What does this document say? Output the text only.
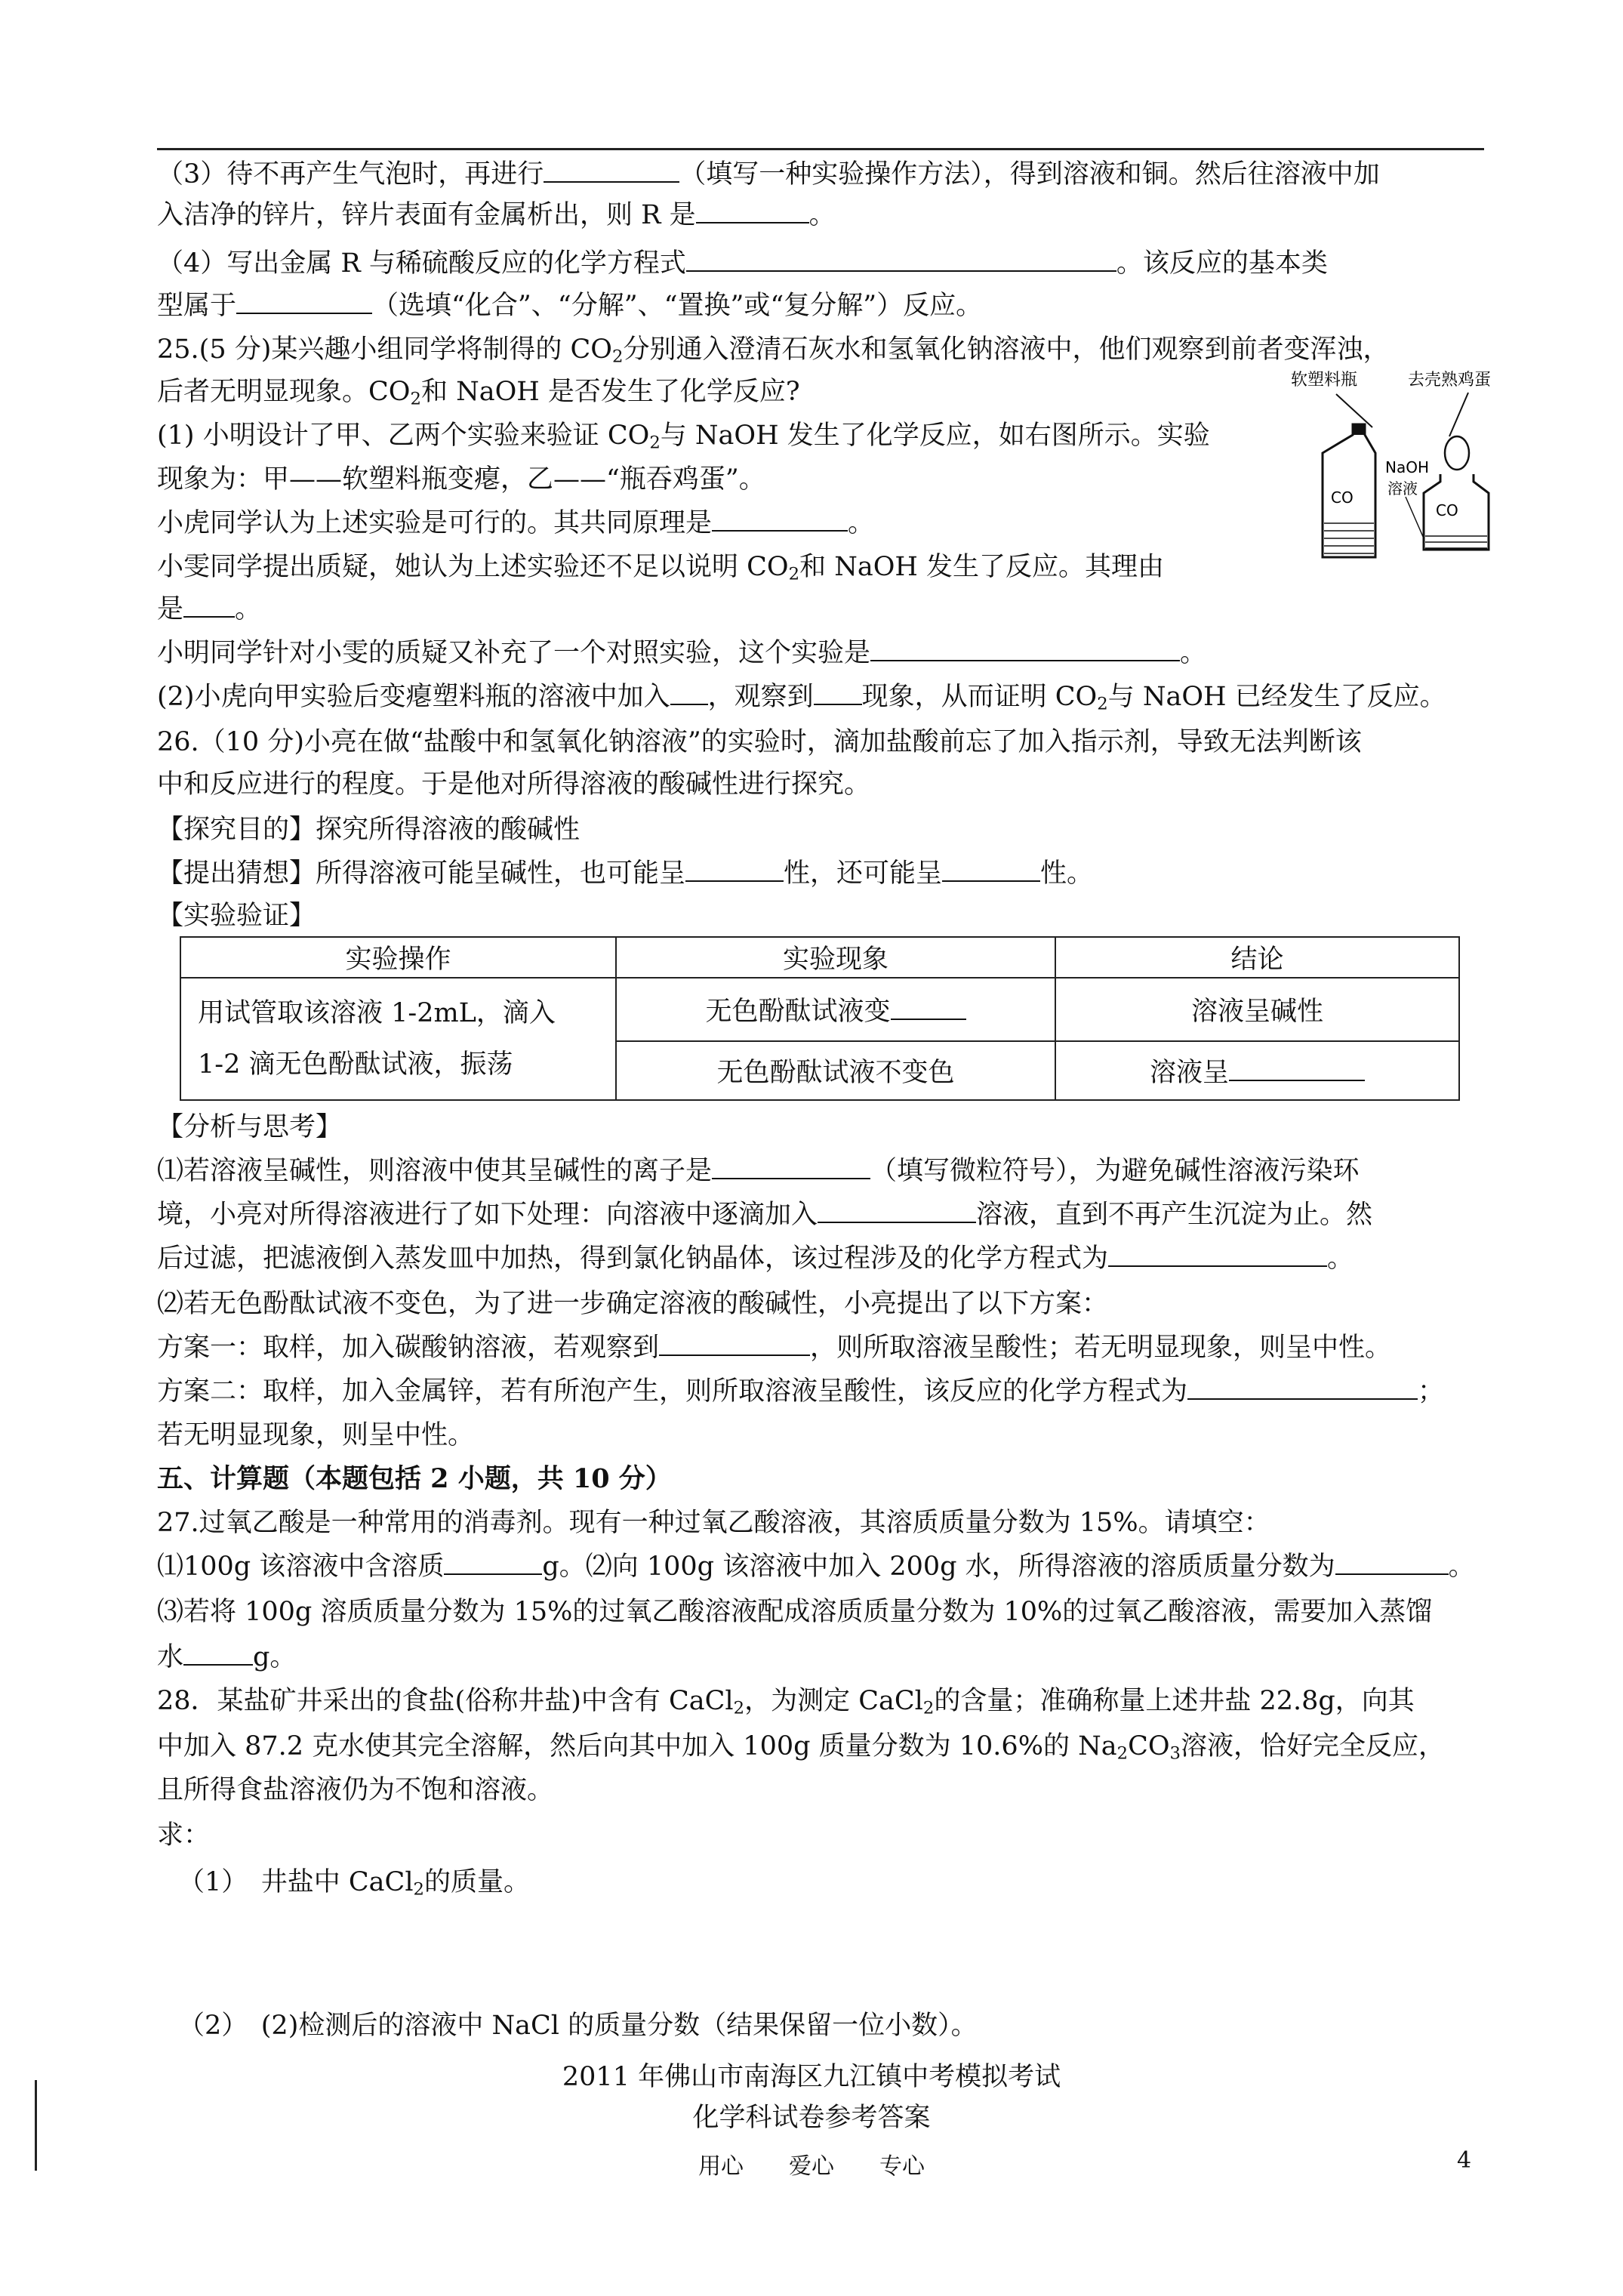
（3）待不再产生气泡时，再进行	（填写一种实验操作方法），得到溶液和铜。然后往溶液中加
入洁净的锌片，锌片表面有金属析出，则 R 是	。
（4）写出金属 R 与稀硫酸反应的化学方程式	。该反应的基本类
型属于	（选填“化合”、“分解”、“置换”或“复分解”）反应。
25.(5 分)某兴趣小组同学将制得的 $CO_2$分别通入澄清石灰水和氢氧化钠溶液中，他们观察到前者变浑浊，
后者无明显现象。$CO_2$和 NaOH 是否发生了化学反应?
(1) 小明设计了甲、乙两个实验来验证 $CO_2$与 NaOH 发生了化学反应，如右图所示。实验
现象为：甲——软塑料瓶变瘪，乙——“瓶吞鸡蛋”。
小虎同学认为上述实验是可行的。其共同原理是	。
小雯同学提出质疑，她认为上述实验还不足以说明 $CO_2$和 NaOH 发生了反应。其理由
是 。
小明同学针对小雯的质疑又补充了一个对照实验，这个实验是	。
(2)小虎向甲实验后变瘪塑料瓶的溶液中加入 ，观察到 现象，从而证明 $CO_2$与 NaOH 已经发生了反应。
软塑料瓶	去壳熟鸡蛋
CO
NaOH
溶液
CO
26.（10 分)小亮在做“盐酸中和氢氧化钠溶液”的实验时，滴加盐酸前忘了加入指示剂，导致无法判断该
中和反应进行的程度。于是他对所得溶液的酸碱性进行探究。
【探究目的】探究所得溶液的酸碱性
【提出猜想】所得溶液可能呈碱性，也可能呈	性，还可能呈	性。
【实验验证】
实验操作	实验现象	结论

用试管取该溶液 1-2mL，滴入
1-2 滴无色酚酞试液，振荡	无色酚酞试液变	溶液呈碱性
	无色酚酞试液不变色	溶液呈
【分析与思考】
⑴若溶液呈碱性，则溶液中使其呈碱性的离子是	（填写微粒符号），为避免碱性溶液污染环
境，小亮对所得溶液进行了如下处理：向溶液中逐滴加入	溶液，直到不再产生沉淀为止。然
后过滤，把滤液倒入蒸发皿中加热，得到氯化钠晶体，该过程涉及的化学方程式为	。
⑵若无色酚酞试液不变色，为了进一步确定溶液的酸碱性，小亮提出了以下方案：
方案一：取样，加入碳酸钠溶液，若观察到	，则所取溶液呈酸性；若无明显现象，则呈中性。
方案二：取样，加入金属锌，若有所泡产生，则所取溶液呈酸性，该反应的化学方程式为	；
若无明显现象，则呈中性。
五、计算题（本题包括 2 小题，共 10 分）
27.过氧乙酸是一种常用的消毒剂。现有一种过氧乙酸溶液，其溶质质量分数为 15%。请填空：
⑴100g 该溶液中含溶质	g。⑵向 100g 该溶液中加入 200g 水，所得溶液的溶质质量分数为	。
⑶若将 100g 溶质质量分数为 15%的过氧乙酸溶液配成溶质质量分数为 10%的过氧乙酸溶液，需要加入蒸馏
水	g。
28．某盐矿井采出的食盐(俗称井盐)中含有 CaCl$_2$，为测定 CaCl$_2$的含量；准确称量上述井盐 22.8g，向其
中加入 87.2 克水使其完全溶解，然后向其中加入 100g 质量分数为 10.6%的 $Na_2CO_3$溶液，恰好完全反应，
且所得食盐溶液仍为不饱和溶液。
求：
（1）　井盐中 CaCl$_2$的质量。
（2）　(2)检测后的溶液中 NaCl 的质量分数（结果保留一位小数）。
2011 年佛山市南海区九江镇中考模拟考试
化学科试卷参考答案
用心　　爱心　　专心	4
